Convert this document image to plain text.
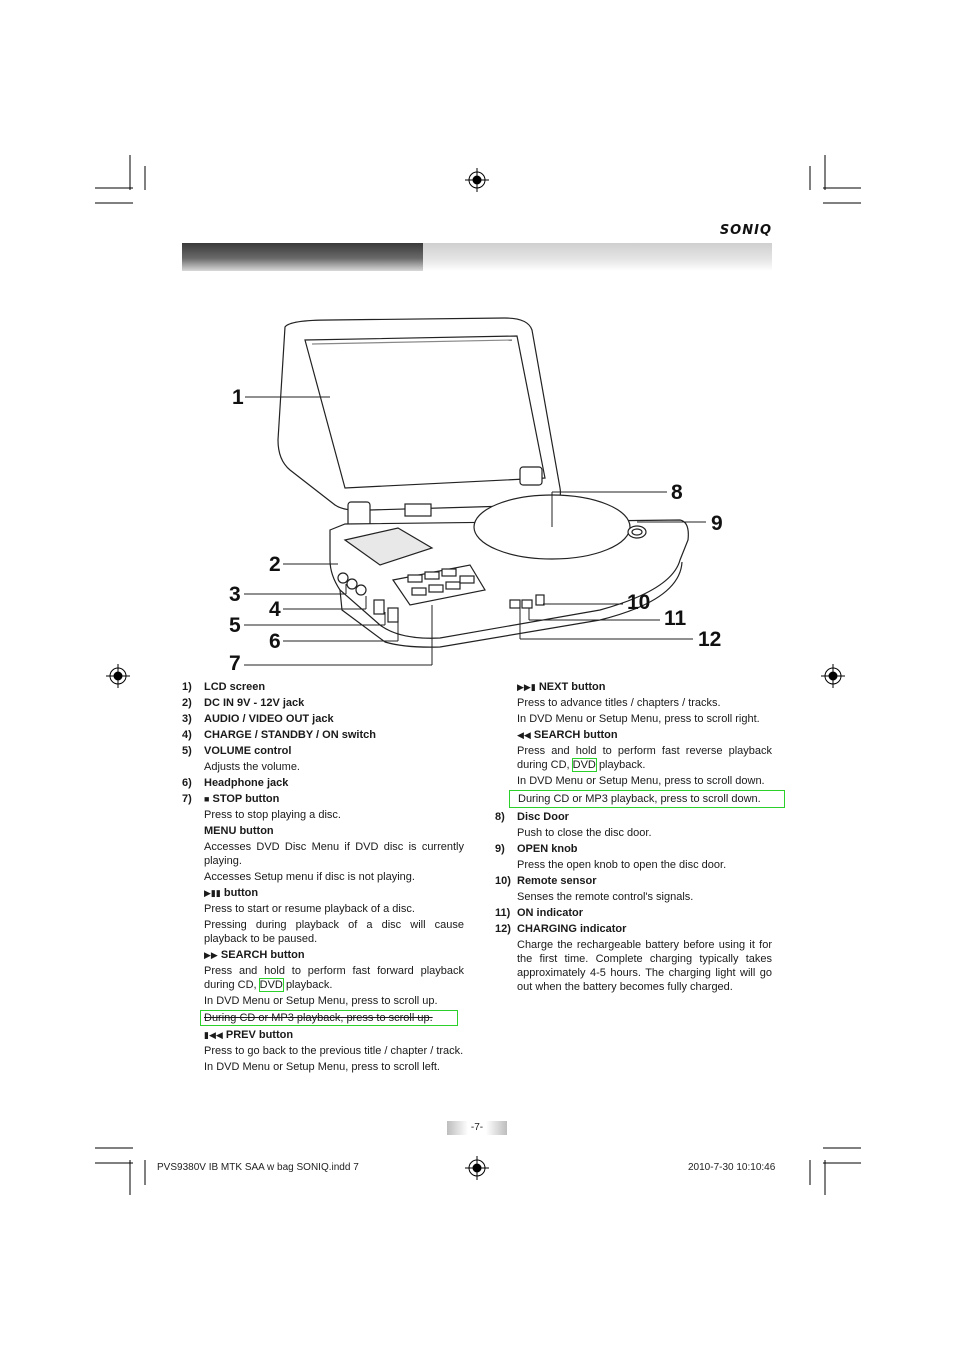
SONIQ
1
2
3
4
5
6
7
8
9
10
11
12
1) LCD screen
2) DC IN 9V - 12V jack
3) AUDIO / VIDEO OUT jack
4) CHARGE / STANDBY / ON switch
5) VOLUME control
Adjusts the volume.
6) Headphone jack
7) ■ STOP button
Press to stop playing a disc.
MENU button
Accesses DVD Disc Menu if DVD disc is currently playing.
Accesses Setup menu if disc is not playing.
▶▮▮ button
Press to start or resume playback of a disc.
Pressing during playback of a disc will cause playback to be paused.
▶▶ SEARCH button
Press and hold to perform fast forward playback during CD, DVD playback.
In DVD Menu or Setup Menu, press to scroll up.
During CD or MP3 playback, press to scroll up.
▮◀◀ PREV button
Press to go back to the previous title / chapter / track.
In DVD Menu or Setup Menu, press to scroll left.
▶▶▮ NEXT button
Press to advance titles / chapters / tracks.
In DVD Menu or Setup Menu, press to scroll right.
◀◀ SEARCH button
Press and hold to perform fast reverse playback during CD, DVD playback.
In DVD Menu or Setup Menu, press to scroll down.
During CD or MP3 playback, press to scroll down.
8) Disc Door
Push to close the disc door.
9) OPEN knob
Press the open knob to open the disc door.
10) Remote sensor
Senses the remote control's signals.
11) ON indicator
12) CHARGING indicator
Charge the rechargeable battery before using it for the first time. Complete charging typically takes approximately 4-5 hours. The charging light will go out when the battery becomes fully charged.
-7-
PVS9380V IB MTK SAA w bag SONIQ.indd 7	2010-7-30 10:10:46
